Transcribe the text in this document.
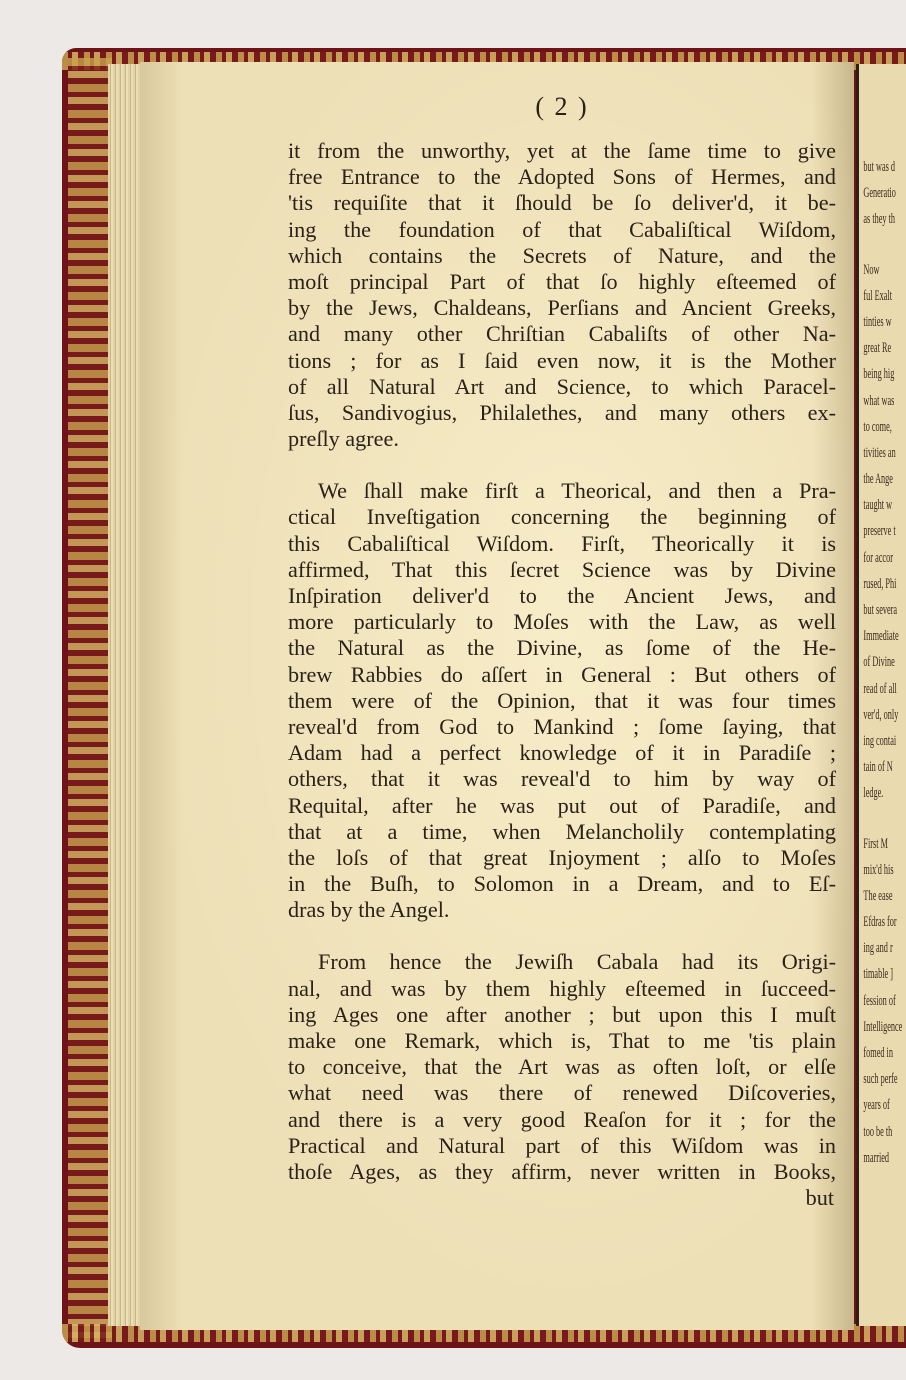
( 2 )
it from the unworthy, yet at the ſame time to give
free Entrance to the Adopted Sons of Hermes, and
'tis requiſite that it ſhould be ſo deliver'd, it be-
ing the foundation of that Cabaliſtical Wiſdom,
which contains the Secrets of Nature, and the
moſt principal Part of that ſo highly eſteemed of
by the Jews, Chaldeans, Perſians and Ancient Greeks,
and many other Chriſtian Cabaliſts of other Na-
tions ; for as I ſaid even now, it is the Mother
of all Natural Art and Science, to which Paracel-
ſus, Sandivogius, Philalethes, and many others ex-
preſly agree.
We ſhall make firſt a Theorical, and then a Pra-
ctical Inveſtigation concerning the beginning of
this Cabaliſtical Wiſdom. Firſt, Theorically it is
affirmed, That this ſecret Science was by Divine
Inſpiration deliver'd to the Ancient Jews, and
more particularly to Moſes with the Law, as well
the Natural as the Divine, as ſome of the He-
brew Rabbies do aſſert in General : But others of
them were of the Opinion, that it was four times
reveal'd from God to Mankind ; ſome ſaying, that
Adam had a perfect knowledge of it in Paradiſe ;
others, that it was reveal'd to him by way of
Requital, after he was put out of Paradiſe, and
that at a time, when Melancholily contemplating
the loſs of that great Injoyment ; alſo to Moſes
in the Buſh, to Solomon in a Dream, and to Eſ-
dras by the Angel.
From hence the Jewiſh Cabala had its Origi-
nal, and was by them highly eſteemed in ſucceed-
ing Ages one after another ; but upon this I muſt
make one Remark, which is, That to me 'tis plain
to conceive, that the Art was as often loſt, or elſe
what need was there of renewed Diſcoveries,
and there is a very good Reaſon for it ; for the
Practical and Natural part of this Wiſdom was in
thoſe Ages, as they affirm, never written in Books,
but
but was d
Generatio
as they th
Now
ful Exalt
tinties w
great Re
being hig
what was
to come,
tivities an
the Ange
taught w
preserve t
for accor
rused, Phi
but severa
Immediate
of Divine
read of all
ver'd, only
ing contai
tain of N
ledge.
First M
mix'd his
The ease
Efdras for
ing and r
timable ]
fession of
Intelligence
fomed in
such perfe
years of
too be th
married
